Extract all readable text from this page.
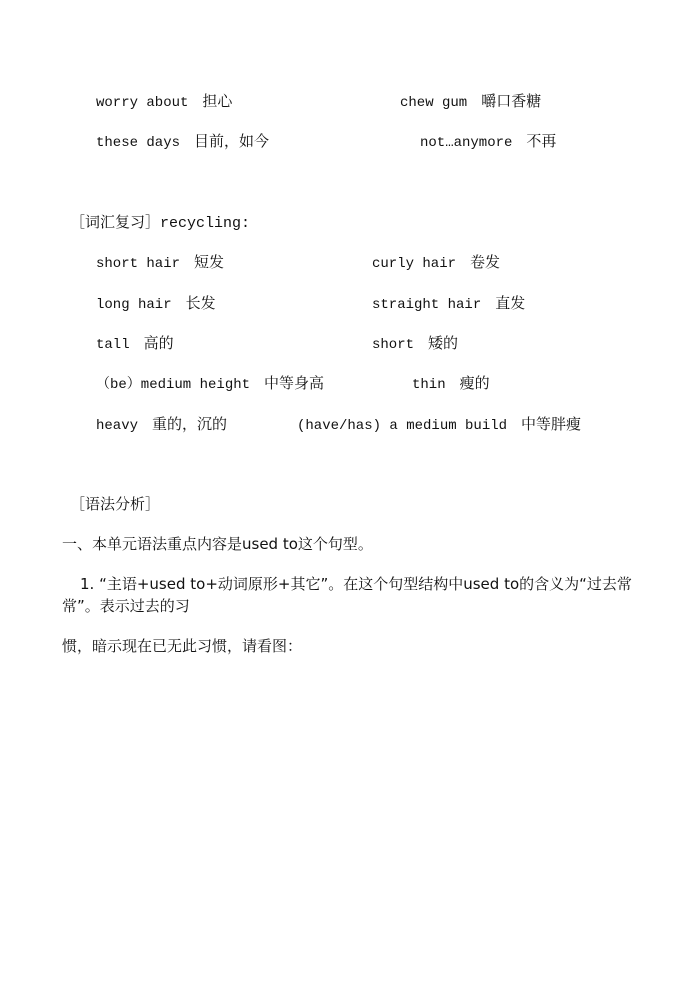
worry about 担心	chew gum 嚼口香糖
these days 目前，如今	not…anymore 不再
［词汇复习］recycling:
short hair 短发	curly hair 卷发
long hair 长发	straight hair 直发
tall 高的	short 矮的
（be）medium height 中等身高	thin 瘦的
heavy 重的，沉的	(have/has) a medium build 中等胖瘦
［语法分析］
一、本单元语法重点内容是used to这个句型。
1. “主语+used to+动词原形+其它”。在这个句型结构中used to的含义为“过去常常”。表示过去的习
惯，暗示现在已无此习惯，请看图：
